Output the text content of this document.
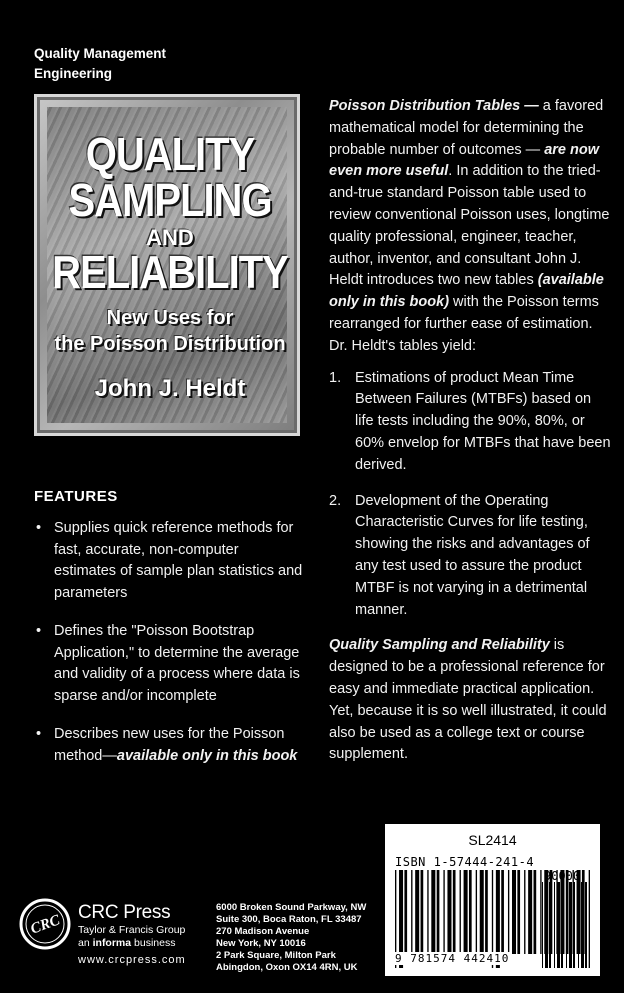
Quality Management
Engineering
QUALITY
SAMPLING
AND
RELIABILITY
New Uses for
the Poisson Distribution
John J. Heldt

Poisson Distribution Tables — a favored mathematical model for determining the probable number of outcomes — are now even more useful. In addition to the tried-and-true standard Poisson table used to review conventional Poisson uses, longtime quality professional, engineer, teacher, author, inventor, and consultant John J. Heldt introduces two new tables (available only in this book) with the Poisson terms rearranged for further ease of estimation. Dr. Heldt's tables yield:

1. Estimations of product Mean Time Between Failures (MTBFs) based on life tests including the 90%, 80%, or 60% envelop for MTBFs that have been derived.
2. Development of the Operating Characteristic Curves for life testing, showing the risks and advantages of any test used to assure the product MTBF is not varying in a detrimental manner.

Quality Sampling and Reliability is designed to be a professional reference for easy and immediate practical application. Yet, because it is so well illustrated, it could also be used as a college text or course supplement.

FEATURES
• Supplies quick reference methods for fast, accurate, non-computer estimates of sample plan statistics and parameters
• Defines the "Poisson Bootstrap Application," to determine the average and validity of a process where data is sparse and/or incomplete
• Describes new uses for the Poisson method—available only in this book
CRC CRC Press
Taylor & Francis Group
an informa business
www.crcpress.com
6000 Broken Sound Parkway, NW
Suite 300, Boca Raton, FL 33487
270 Madison Avenue
New York, NY 10016
2 Park Square, Milton Park
Abingdon, Oxon OX14 4RN, UK
SL2414
ISBN 1-57444-241-4
9 781574 442410
